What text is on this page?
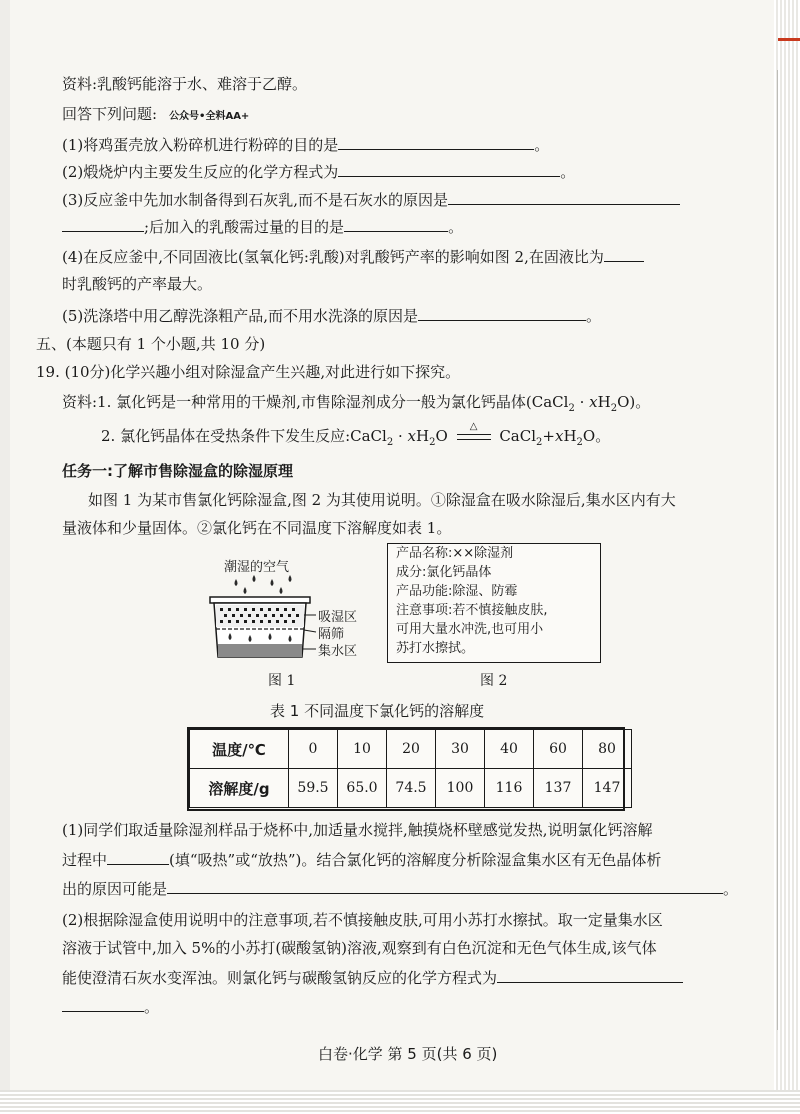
资料:乳酸钙能溶于水、难溶于乙醇。
回答下列问题: 公众号•全料AA+
(1)将鸡蛋壳放入粉碎机进行粉碎的目的是	。
(2)煅烧炉内主要发生反应的化学方程式为	。
(3)反应釜中先加水制备得到石灰乳,而不是石灰水的原因是
;后加入的乳酸需过量的目的是	。
(4)在反应釜中,不同固液比(氢氧化钙:乳酸)对乳酸钙产率的影响如图 2,在固液比为
时乳酸钙的产率最大。
(5)洗涤塔中用乙醇洗涤粗产品,而不用水洗涤的原因是	。
五、(本题只有 1 个小题,共 10 分)
19. (10分)化学兴趣小组对除湿盒产生兴趣,对此进行如下探究。
资料:1. 氯化钙是一种常用的干燥剂,市售除湿剂成分一般为氯化钙晶体(CaCl$_2$ · $xH_2O$)。
2. 氯化钙晶体在受热条件下发生反应:CaCl$_2$ · $xH_2O$
△
$CaCl_2+xH_2O$。
任务一:了解市售除湿盒的除湿原理
如图 1 为某市售氯化钙除湿盒,图 2 为其使用说明。①除湿盒在吸水除湿后,集水区内有大
量液体和少量固体。②氯化钙在不同温度下溶解度如表 1。
潮湿的空气
吸湿区
隔筛
集水区
图 1
产品名称:××除湿剂
成分:氯化钙晶体
产品功能:除湿、防霉
注意事项:若不慎接触皮肤,
可用大量水冲洗,也可用小
苏打水擦拭。
图 2
表 1 不同温度下氯化钙的溶解度
温度/℃	0	10	20	30	40	60	80
溶解度/g	59.5	65.0	74.5	100	116	137	147
(1)同学们取适量除湿剂样品于烧杯中,加适量水搅拌,触摸烧杯壁感觉发热,说明氯化钙溶解
过程中	(填“吸热”或“放热”)。结合氯化钙的溶解度分析除湿盒集水区有无色晶体析
出的原因可能是	。
(2)根据除湿盒使用说明中的注意事项,若不慎接触皮肤,可用小苏打水擦拭。取一定量集水区
溶液于试管中,加入 5%的小苏打(碳酸氢钠)溶液,观察到有白色沉淀和无色气体生成,该气体
能使澄清石灰水变浑浊。则氯化钙与碳酸氢钠反应的化学方程式为
。
白卷·化学 第 5 页(共 6 页)
